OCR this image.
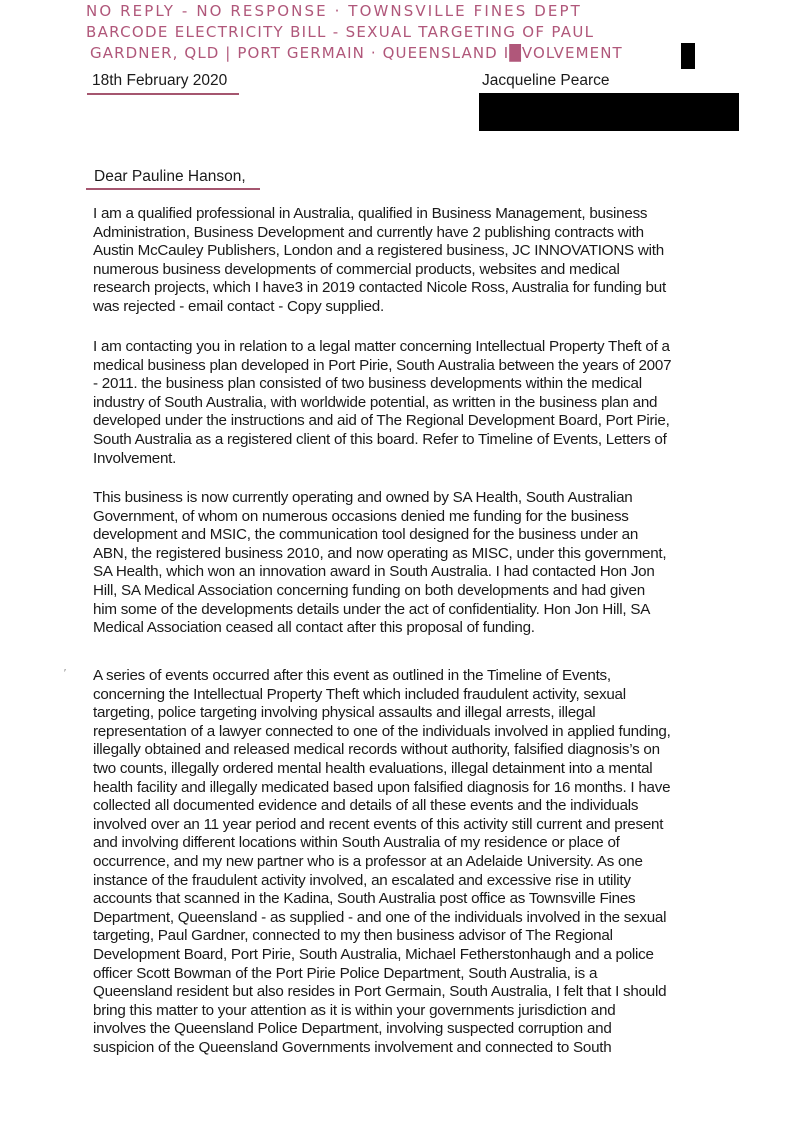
NO REPLY - NO RESPONSE · TOWNSVILLE FINES DEPT
BARCODE ELECTRICITY BILL - SEXUAL TARGETING OF PAUL
GARDNER, QLD | PORT GERMAIN · QUEENSLAND I█VOLVEMENT
18th February 2020	Jacqueline Pearce
Dear Pauline Hanson,
I am a qualified professional in Australia, qualified in Business Management, business
Administration, Business Development and currently have 2 publishing contracts with
Austin McCauley Publishers, London and a registered business, JC INNOVATIONS with
numerous business developments of commercial products, websites and medical
research projects, which I have3 in 2019 contacted Nicole Ross, Australia for funding but
was rejected - email contact - Copy supplied.
I am contacting you in relation to a legal matter concerning Intellectual Property Theft of a
medical business plan developed in Port Pirie, South Australia between the years of 2007
- 2011. the business plan consisted of two business developments within the medical
industry of South Australia, with worldwide potential, as written in the business plan and
developed under the instructions and aid of The Regional Development Board, Port Pirie,
South Australia as a registered client of this board. Refer to Timeline of Events, Letters of
Involvement.
This business is now currently operating and owned by SA Health, South Australian
Government, of whom on numerous occasions denied me funding for the business
development and MSIC, the communication tool designed for the business under an
ABN, the registered business 2010, and now operating as MISC, under this government,
SA Health, which won an innovation award in South Australia. I had contacted Hon Jon
Hill, SA Medical Association concerning funding on both developments and had given
him some of the developments details under the act of confidentiality. Hon Jon Hill, SA
Medical Association ceased all contact after this proposal of funding.
′ A series of events occurred after this event as outlined in the Timeline of Events,
concerning the Intellectual Property Theft which included fraudulent activity, sexual
targeting, police targeting involving physical assaults and illegal arrests, illegal
representation of a lawyer connected to one of the individuals involved in applied funding,
illegally obtained and released medical records without authority, falsified diagnosis’s on
two counts, illegally ordered mental health evaluations, illegal detainment into a mental
health facility and illegally medicated based upon falsified diagnosis for 16 months. I have
collected all documented evidence and details of all these events and the individuals
involved over an 11 year period and recent events of this activity still current and present
and involving different locations within South Australia of my residence or place of
occurrence, and my new partner who is a professor at an Adelaide University. As one
instance of the fraudulent activity involved, an escalated and excessive rise in utility
accounts that scanned in the Kadina, South Australia post office as Townsville Fines
Department, Queensland - as supplied - and one of the individuals involved in the sexual
targeting, Paul Gardner, connected to my then business advisor of The Regional
Development Board, Port Pirie, South Australia, Michael Fetherstonhaugh and a police
officer Scott Bowman of the Port Pirie Police Department, South Australia, is a
Queensland resident but also resides in Port Germain, South Australia, I felt that I should
bring this matter to your attention as it is within your governments jurisdiction and
involves the Queensland Police Department, involving suspected corruption and
suspicion of the Queensland Governments involvement and connected to South
